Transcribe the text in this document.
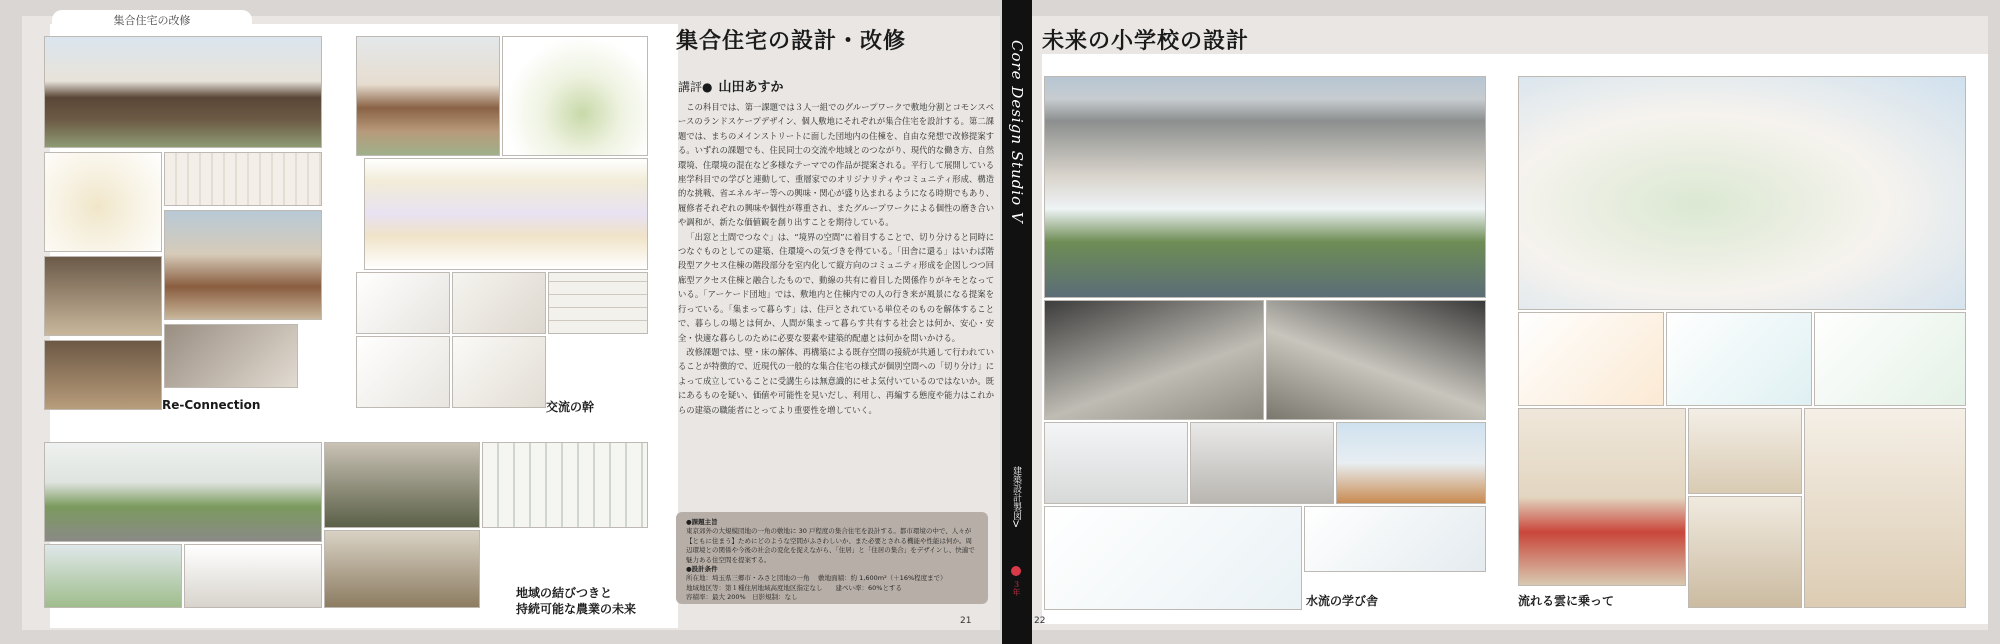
集合住宅の改修
Re-Connection	交流の幹
地域の結びつきと
持続可能な農業の未来
集合住宅の設計・改修
講評● 山田あすか

この科目では、第一課題では３人一組でのグループワークで敷地分割とコモンスペースのランドスケープデザイン、個人敷地にそれぞれが集合住宅を設計する。第二課題では、まちのメインストリートに面した団地内の住棟を、自由な発想で改修提案する。いずれの課題でも、住民同士の交流や地域とのつながり、現代的な働き方、自然環境、住環境の混在など多様なテーマでの作品が提案される。平行して展開している座学科目での学びと連動して、重層家でのオリジナリティやコミュニティ形成、構造的な挑戦、省エネルギー等への興味・関心が盛り込まれるようになる時期でもあり、履修者それぞれの興味や個性が尊重され、またグループワークによる個性の磨き合いや調和が、新たな価値観を創り出すことを期待している。

「出窓と土間でつなぐ」は、“境界の空間”に着目することで、切り分けると同時につなぐものとしての建築、住環境への気づきを得ている。「田舎に還る」はいわば階段型アクセス住棟の階段部分を室内化して縦方向のコミュニティ形成を企図しつつ回廊型アクセス住棟と融合したもので、動線の共有に着目した関係作りがキモとなっている。「アーケード団地」では、敷地内と住棟内での人の行き来が風景になる提案を行っている。「集まって暮らす」は、住戸とされている単位そのものを解体することで、暮らしの場とは何か、人間が集まって暮らす共有する社会とは何か、安心・安全・快適な暮らしのために必要な要素や建築的配慮とは何かを問いかける。

改修課題では、壁・床の解体、再構築による既存空間の接続が共通して行われていることが特徴的で、近現代の一般的な集合住宅の様式が個別空間への「切り分け」によって成立していることに受講生らは無意識的にせよ気付いているのではないか。既にあるものを疑い、価値や可能性を見いだし、利用し、再編する態度や能力はこれからの建築の職能者にとってより重要性を増していく。

●課題主旨
東京郊外の大規模団地の一角の敷地に 30 戸程度の集合住宅を設計する。都市環境の中で、人々が【ともに住まう】ためにどのような空間がふさわしいか、また必要とされる機能や性能は何か。周辺環境との関係や今後の社会の変化を捉えながら、「住居」と「住居の集合」をデザインし、快適で魅力ある住空間を提案する。
●設計条件
所在地：埼玉県三郷市・みさと団地の一角　 敷地面積：約 1,600m²（＋16%程度まで）
地域地区等：第１種住居地域高度地区指定なし　　建ぺい率：60%とする
容積率：最大 200%　日影規制：なし
21
Core Design Studio V
建築設計製図Ⅴ
３年
未来の小学校の設計
水流の学び舎	流れる雲に乗って
22
